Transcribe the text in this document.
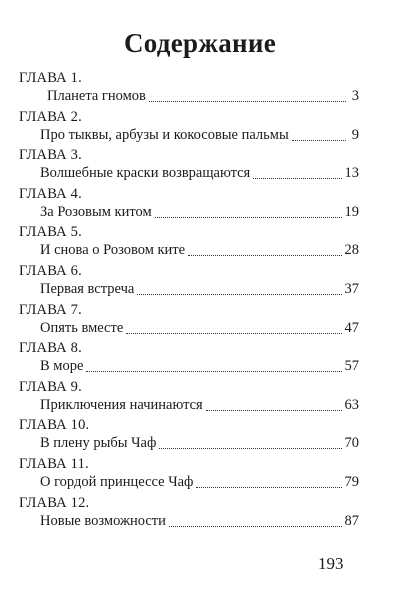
Содержание
ГЛАВА 1.
Планета гномов	3
ГЛАВА 2.
Про тыквы, арбузы и кокосовые пальмы	9
ГЛАВА 3.
Волшебные краски возвращаются	13
ГЛАВА 4.
За Розовым китом	19
ГЛАВА 5.
И снова о Розовом ките	28
ГЛАВА 6.
Первая встреча	37
ГЛАВА 7.
Опять вместе	47
ГЛАВА 8.
В море	57
ГЛАВА 9.
Приключения начинаются	63
ГЛАВА 10.
В плену рыбы Чаф	70
ГЛАВА 11.
О гордой принцессе Чаф	79
ГЛАВА 12.
Новые возможности	87
193
